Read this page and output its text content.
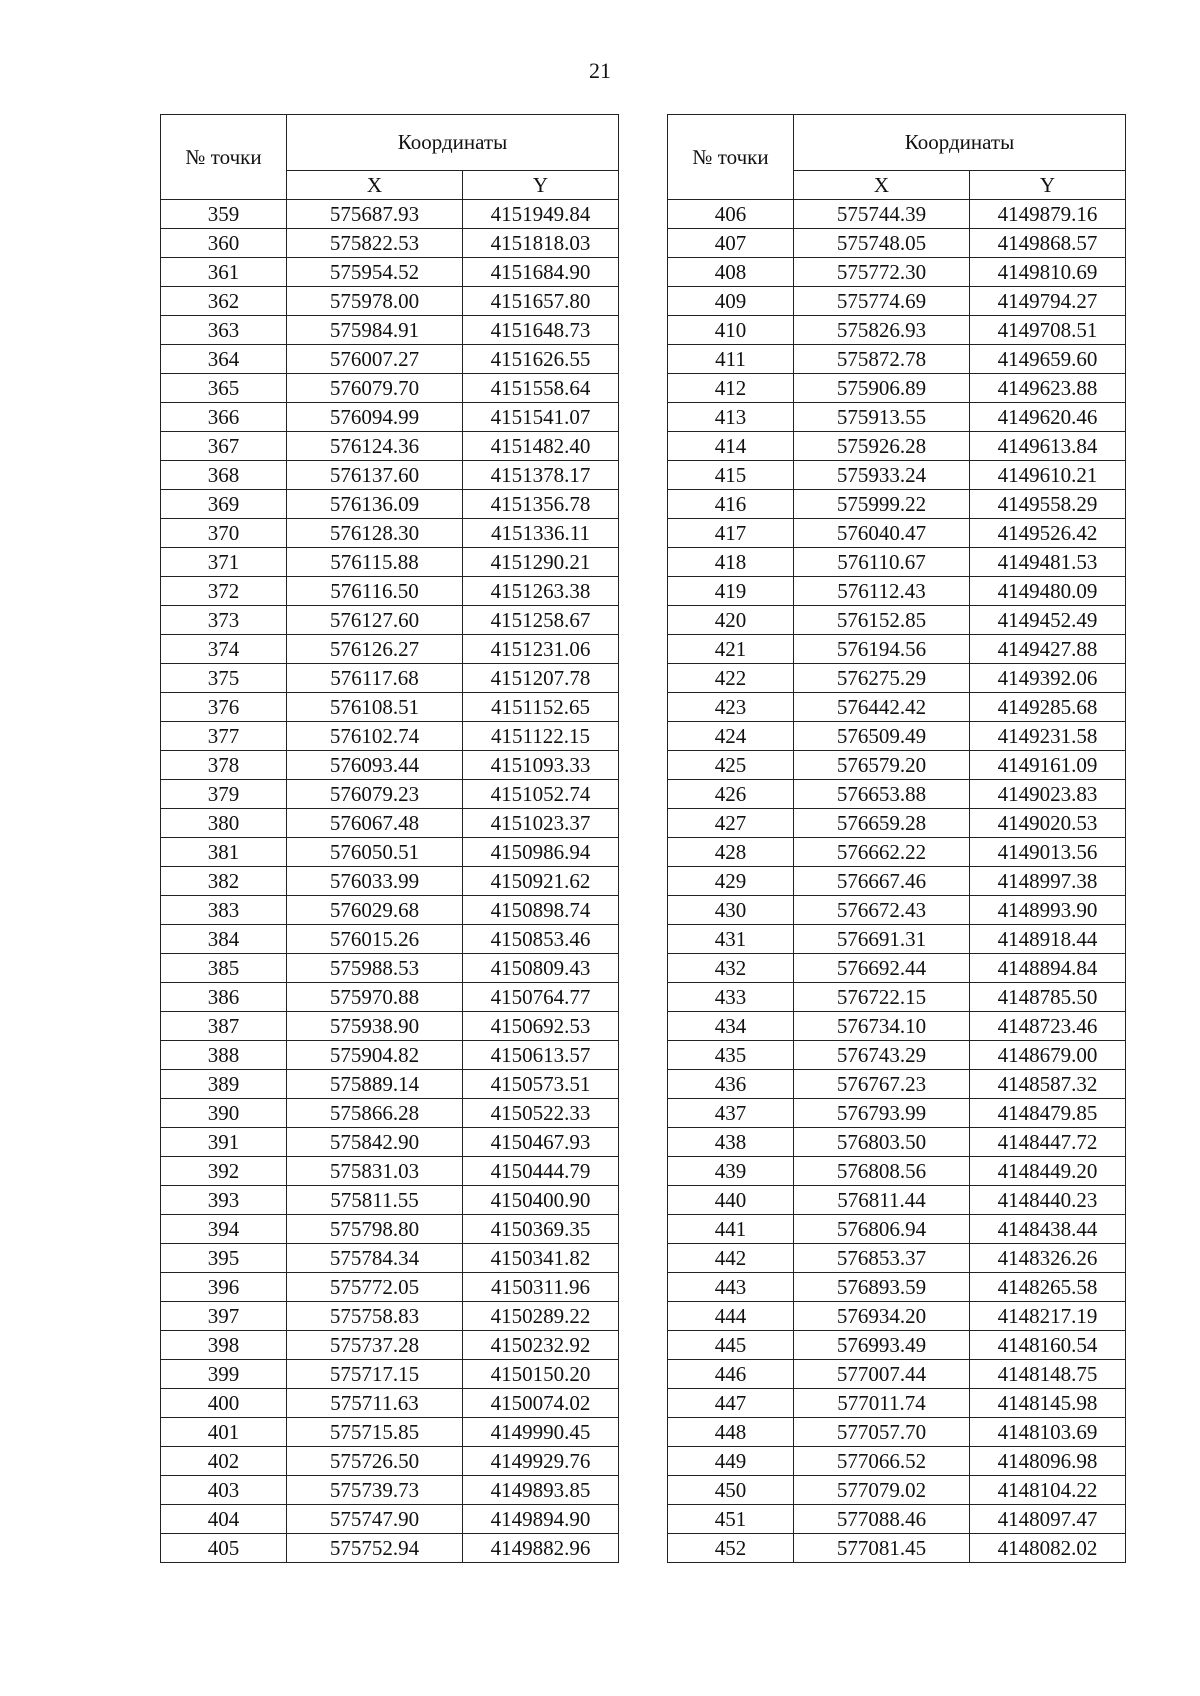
21
№ точки	Координаты	
	X	Y
359	575687.93	4151949.84
360	575822.53	4151818.03
361	575954.52	4151684.90
362	575978.00	4151657.80
363	575984.91	4151648.73
364	576007.27	4151626.55
365	576079.70	4151558.64
366	576094.99	4151541.07
367	576124.36	4151482.40
368	576137.60	4151378.17
369	576136.09	4151356.78
370	576128.30	4151336.11
371	576115.88	4151290.21
372	576116.50	4151263.38
373	576127.60	4151258.67
374	576126.27	4151231.06
375	576117.68	4151207.78
376	576108.51	4151152.65
377	576102.74	4151122.15
378	576093.44	4151093.33
379	576079.23	4151052.74
380	576067.48	4151023.37
381	576050.51	4150986.94
382	576033.99	4150921.62
383	576029.68	4150898.74
384	576015.26	4150853.46
385	575988.53	4150809.43
386	575970.88	4150764.77
387	575938.90	4150692.53
388	575904.82	4150613.57
389	575889.14	4150573.51
390	575866.28	4150522.33
391	575842.90	4150467.93
392	575831.03	4150444.79
393	575811.55	4150400.90
394	575798.80	4150369.35
395	575784.34	4150341.82
396	575772.05	4150311.96
397	575758.83	4150289.22
398	575737.28	4150232.92
399	575717.15	4150150.20
400	575711.63	4150074.02
401	575715.85	4149990.45
402	575726.50	4149929.76
403	575739.73	4149893.85
404	575747.90	4149894.90
405	575752.94	4149882.96
№ точки	Координаты	
	X	Y
406	575744.39	4149879.16
407	575748.05	4149868.57
408	575772.30	4149810.69
409	575774.69	4149794.27
410	575826.93	4149708.51
411	575872.78	4149659.60
412	575906.89	4149623.88
413	575913.55	4149620.46
414	575926.28	4149613.84
415	575933.24	4149610.21
416	575999.22	4149558.29
417	576040.47	4149526.42
418	576110.67	4149481.53
419	576112.43	4149480.09
420	576152.85	4149452.49
421	576194.56	4149427.88
422	576275.29	4149392.06
423	576442.42	4149285.68
424	576509.49	4149231.58
425	576579.20	4149161.09
426	576653.88	4149023.83
427	576659.28	4149020.53
428	576662.22	4149013.56
429	576667.46	4148997.38
430	576672.43	4148993.90
431	576691.31	4148918.44
432	576692.44	4148894.84
433	576722.15	4148785.50
434	576734.10	4148723.46
435	576743.29	4148679.00
436	576767.23	4148587.32
437	576793.99	4148479.85
438	576803.50	4148447.72
439	576808.56	4148449.20
440	576811.44	4148440.23
441	576806.94	4148438.44
442	576853.37	4148326.26
443	576893.59	4148265.58
444	576934.20	4148217.19
445	576993.49	4148160.54
446	577007.44	4148148.75
447	577011.74	4148145.98
448	577057.70	4148103.69
449	577066.52	4148096.98
450	577079.02	4148104.22
451	577088.46	4148097.47
452	577081.45	4148082.02
